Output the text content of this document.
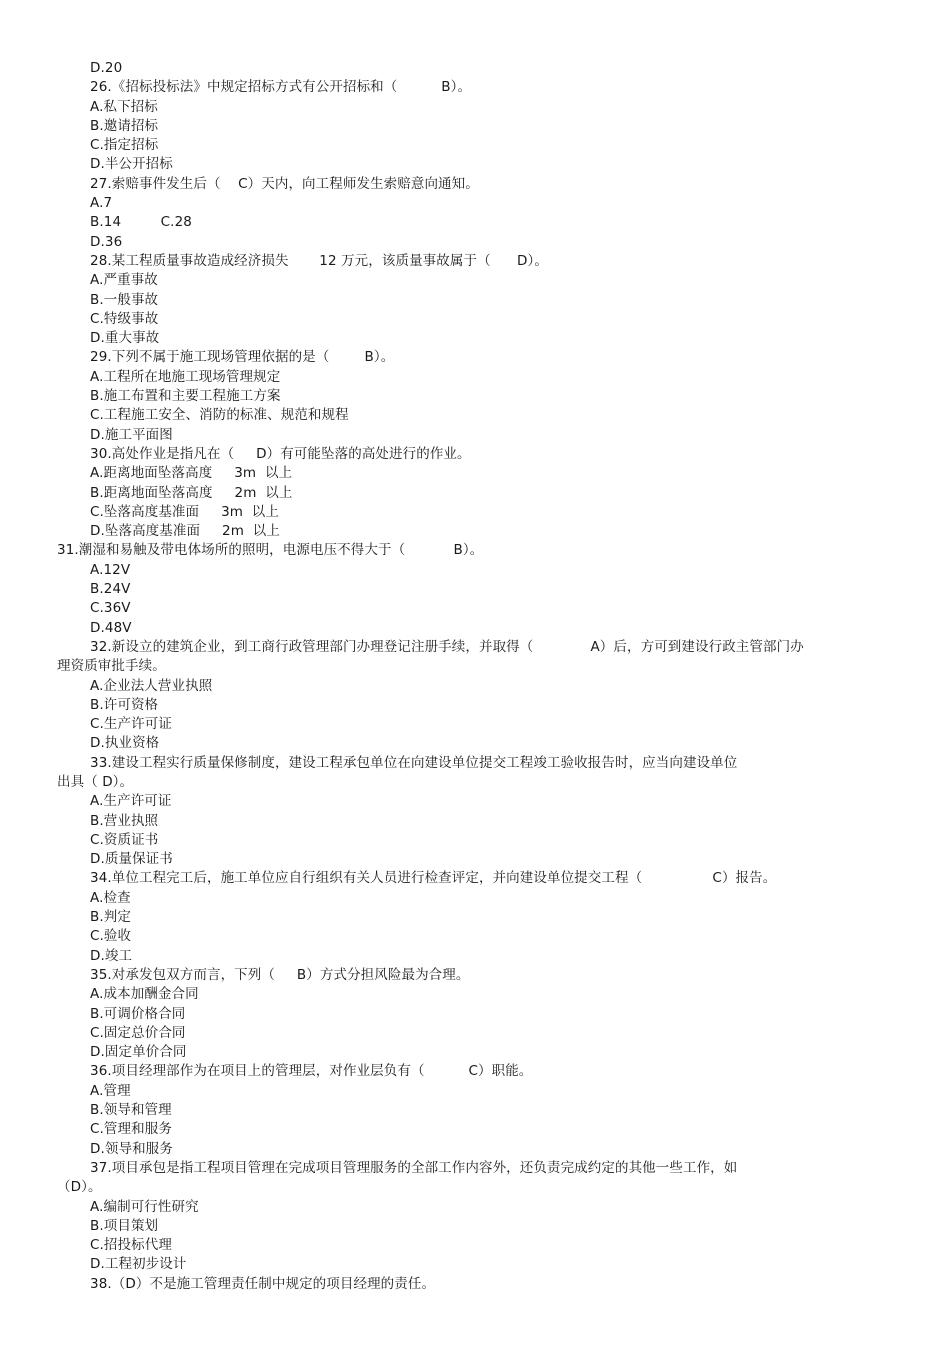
D.20
26.《招标投标法》中规定招标方式有公开招标和（          B）。
A.私下招标
B.邀请招标
C.指定招标
D.半公开招标
27.索赔事件发生后（    C）天内，向工程师发生索赔意向通知。
A.7
B.14         C.28
D.36
28.某工程质量事故造成经济损失       12 万元，该质量事故属于（      D）。
A.严重事故
B.一般事故
C.特级事故
D.重大事故
29.下列不属于施工现场管理依据的是（        B）。
A.工程所在地施工现场管理规定
B.施工布置和主要工程施工方案
C.工程施工安全、消防的标准、规范和规程
D.施工平面图
30.高处作业是指凡在（     D）有可能坠落的高处进行的作业。
A.距离地面坠落高度     3m  以上
B.距离地面坠落高度     2m  以上
C.坠落高度基准面     3m  以上
D.坠落高度基准面     2m  以上
31.潮湿和易触及带电体场所的照明，电源电压不得大于（           B）。
A.12V
B.24V
C.36V
D.48V
32.新设立的建筑企业，到工商行政管理部门办理登记注册手续，并取得（             A）后，方可到建设行政主管部门办
理资质审批手续。
A.企业法人营业执照
B.许可资格
C.生产许可证
D.执业资格
33.建设工程实行质量保修制度，建设工程承包单位在向建设单位提交工程竣工验收报告时，应当向建设单位
出具（ D）。
A.生产许可证
B.营业执照
C.资质证书
D.质量保证书
34.单位工程完工后，施工单位应自行组织有关人员进行检查评定，并向建设单位提交工程（                C）报告。
A.检查
B.判定
C.验收
D.竣工
35.对承发包双方而言，下列（     B）方式分担风险最为合理。
A.成本加酬金合同
B.可调价格合同
C.固定总价合同
D.固定单价合同
36.项目经理部作为在项目上的管理层，对作业层负有（          C）职能。
A.管理
B.领导和管理
C.管理和服务
D.领导和服务
37.项目承包是指工程项目管理在完成项目管理服务的全部工作内容外，还负责完成约定的其他一些工作，如
（D）。
A.编制可行性研究
B.项目策划
C.招投标代理
D.工程初步设计
38.（D）不是施工管理责任制中规定的项目经理的责任。
